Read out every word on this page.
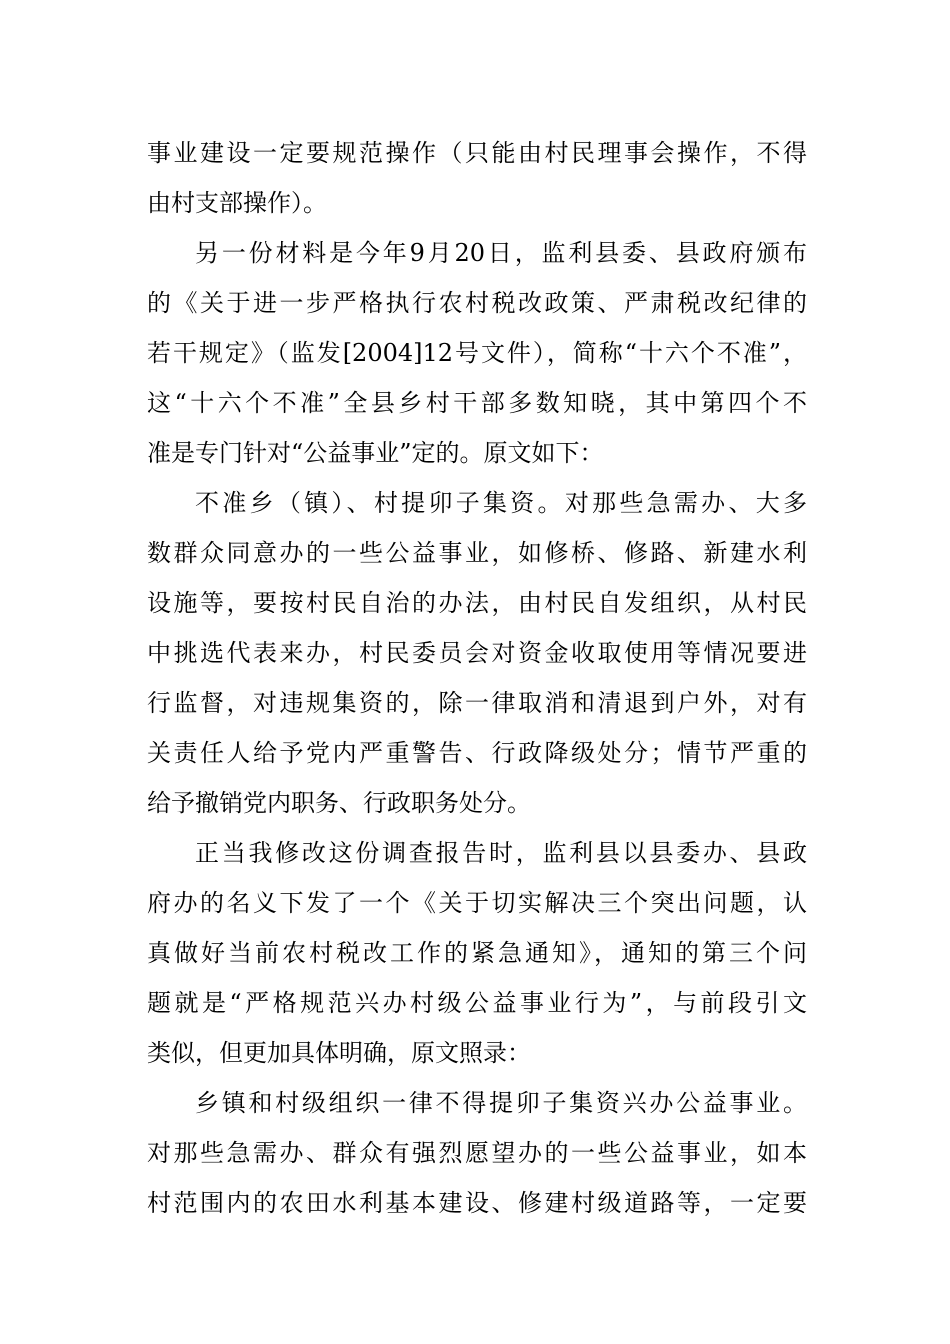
事业建设一定要规范操作（只能由村民理事会操作，不得
由村支部操作）。
另一份材料是今年9月20日，监利县委、县政府颁布
的《关于进一步严格执行农村税改政策、严肃税改纪律的
若干规定》（监发[2004]12号文件），简称“十六个不准”，
这“十六个不准”全县乡村干部多数知晓，其中第四个不
准是专门针对“公益事业”定的。原文如下：
不准乡（镇）、村提卯子集资。对那些急需办、大多
数群众同意办的一些公益事业，如修桥、修路、新建水利
设施等，要按村民自治的办法，由村民自发组织，从村民
中挑选代表来办，村民委员会对资金收取使用等情况要进
行监督，对违规集资的，除一律取消和清退到户外，对有
关责任人给予党内严重警告、行政降级处分；情节严重的
给予撤销党内职务、行政职务处分。
正当我修改这份调查报告时，监利县以县委办、县政
府办的名义下发了一个《关于切实解决三个突出问题，认
真做好当前农村税改工作的紧急通知》，通知的第三个问
题就是“严格规范兴办村级公益事业行为”，与前段引文
类似，但更加具体明确，原文照录：
乡镇和村级组织一律不得提卯子集资兴办公益事业。
对那些急需办、群众有强烈愿望办的一些公益事业，如本
村范围内的农田水利基本建设、修建村级道路等，一定要
